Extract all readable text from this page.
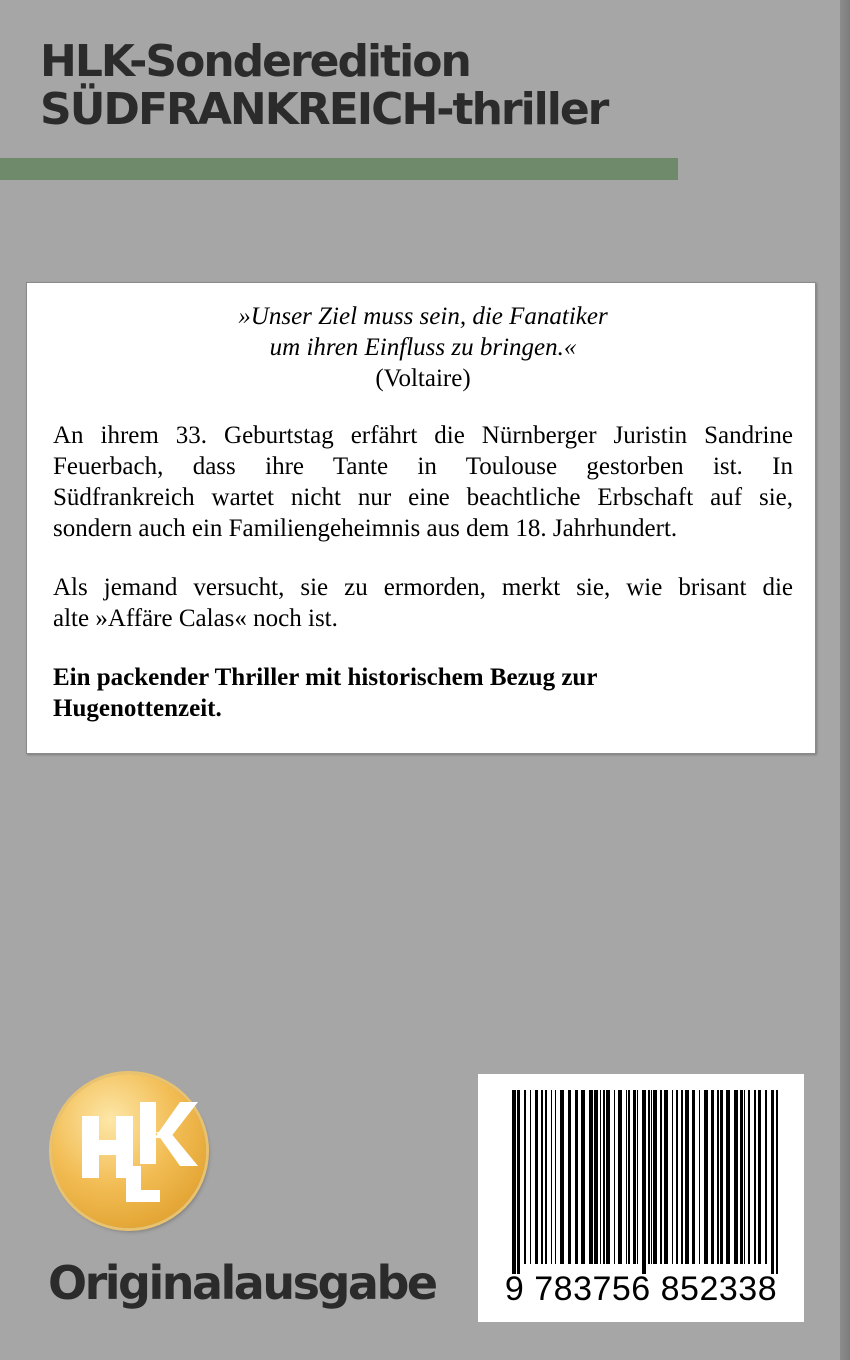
HLK-Sonderedition
SÜDFRANKREICH-thriller
»Unser Ziel muss sein, die Fanatiker
um ihren Einfluss zu bringen.«
(Voltaire)
An ihrem 33. Geburtstag erfährt die Nürnberger Juristin Sandrine
Feuerbach, dass ihre Tante in Toulouse gestorben ist. In
Südfrankreich wartet nicht nur eine beachtliche Erbschaft auf sie,
sondern auch ein Familiengeheimnis aus dem 18. Jahrhundert.
Als jemand versucht, sie zu ermorden, merkt sie, wie brisant die
alte »Affäre Calas« noch ist.
Ein packender Thriller mit historischem Bezug zur
Hugenottenzeit.
Originalausgabe	9 783756 852338
